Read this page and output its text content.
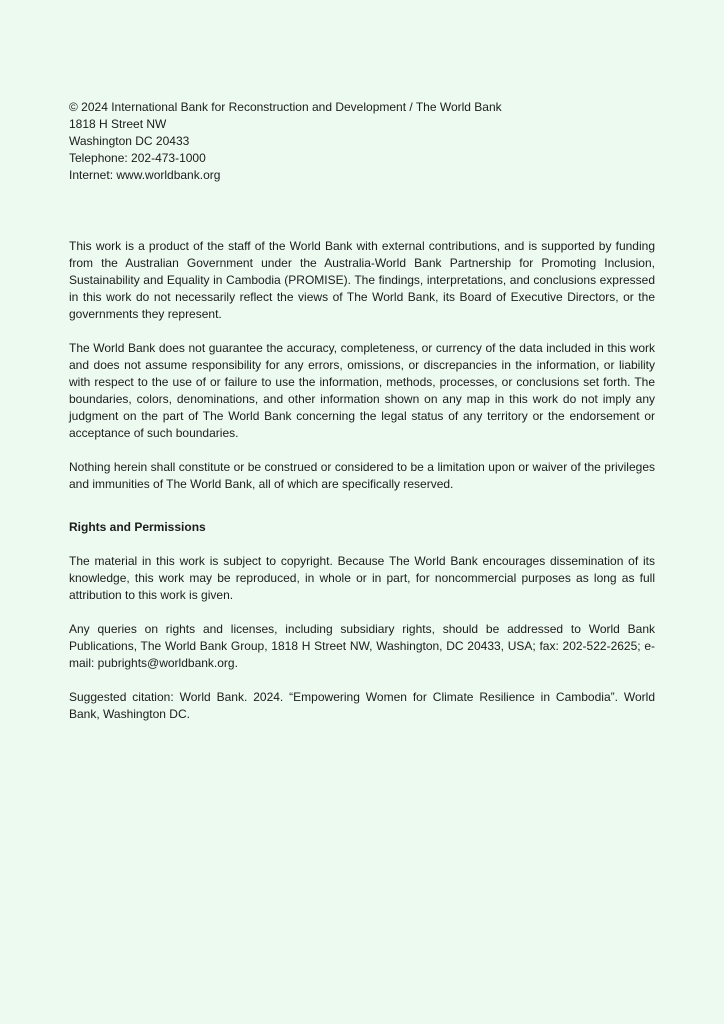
© 2024 International Bank for Reconstruction and Development / The World Bank

1818 H Street NW

Washington DC 20433

Telephone: 202-473-1000

Internet: www.worldbank.org

This work is a product of the staff of the World Bank with external contributions, and is supported by funding from the Australian Government under the Australia-World Bank Partnership for Promoting Inclusion, Sustainability and Equality in Cambodia (PROMISE). The findings, interpretations, and conclusions expressed in this work do not necessarily reflect the views of The World Bank, its Board of Executive Directors, or the governments they represent.

The World Bank does not guarantee the accuracy, completeness, or currency of the data included in this work and does not assume responsibility for any errors, omissions, or discrepancies in the information, or liability with respect to the use of or failure to use the information, methods, processes, or conclusions set forth. The boundaries, colors, denominations, and other information shown on any map in this work do not imply any judgment on the part of The World Bank concerning the legal status of any territory or the endorsement or acceptance of such boundaries.

Nothing herein shall constitute or be construed or considered to be a limitation upon or waiver of the privileges and immunities of The World Bank, all of which are specifically reserved.

Rights and Permissions

The material in this work is subject to copyright. Because The World Bank encourages dissemination of its knowledge, this work may be reproduced, in whole or in part, for noncommercial purposes as long as full attribution to this work is given.

Any queries on rights and licenses, including subsidiary rights, should be addressed to World Bank Publications, The World Bank Group, 1818 H Street NW, Washington, DC 20433, USA; fax: 202-522-2625; e-mail: pubrights@worldbank.org.

Suggested citation: World Bank. 2024. “Empowering Women for Climate Resilience in Cambodia”. World Bank, Washington DC.
